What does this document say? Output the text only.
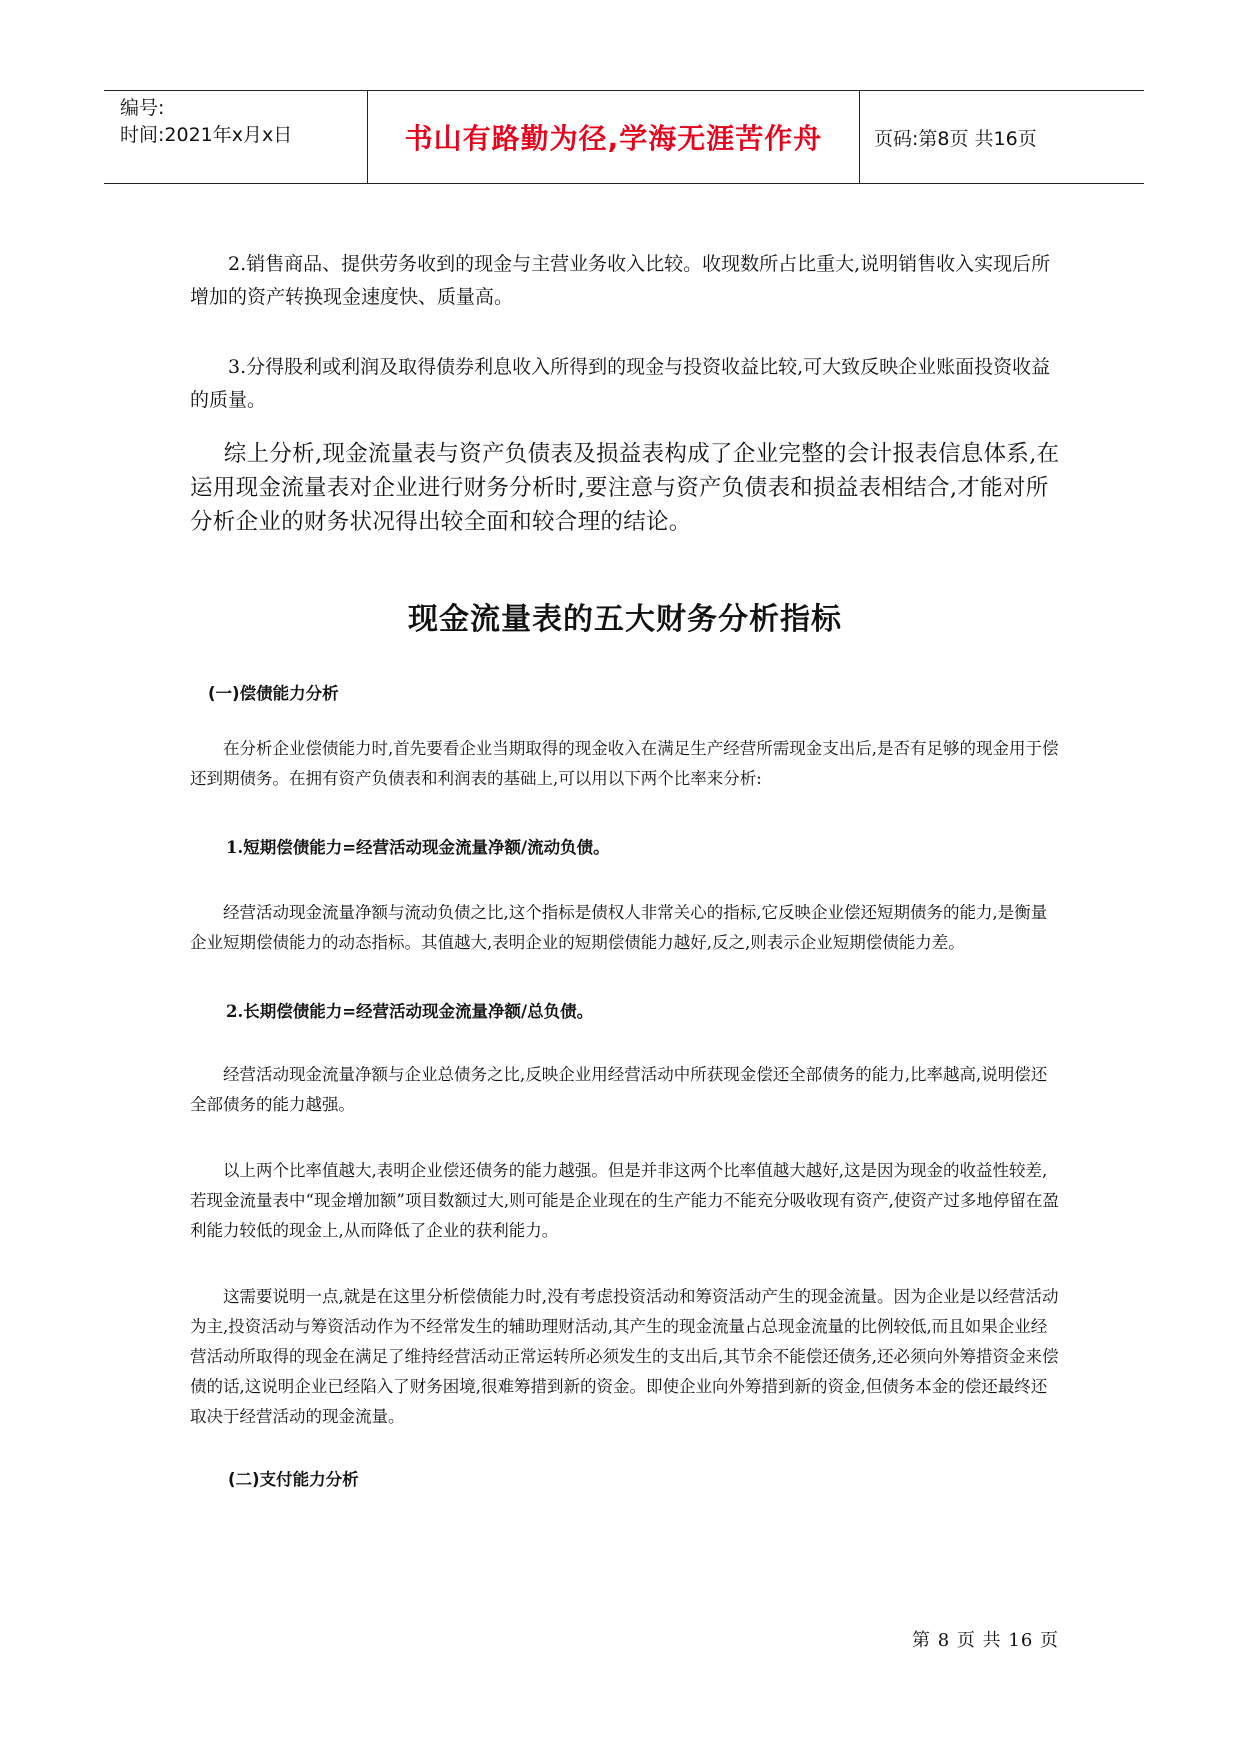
编号:
时间:2021年x月x日	书山有路勤为径,学海无涯苦作舟	页码:第8页 共16页

2.销售商品、提供劳务收到的现金与主营业务收入比较。收现数所占比重大,说明销售收入实现后所增加的资产转换现金速度快、质量高。

3.分得股利或利润及取得债券利息收入所得到的现金与投资收益比较,可大致反映企业账面投资收益的质量。

综上分析,现金流量表与资产负债表及损益表构成了企业完整的会计报表信息体系,在运用现金流量表对企业进行财务分析时,要注意与资产负债表和损益表相结合,才能对所分析企业的财务状况得出较全面和较合理的结论。

现金流量表的五大财务分析指标

(一)偿债能力分析

在分析企业偿债能力时,首先要看企业当期取得的现金收入在满足生产经营所需现金支出后,是否有足够的现金用于偿还到期债务。在拥有资产负债表和利润表的基础上,可以用以下两个比率来分析:

1.短期偿债能力=经营活动现金流量净额/流动负债。

经营活动现金流量净额与流动负债之比,这个指标是债权人非常关心的指标,它反映企业偿还短期债务的能力,是衡量企业短期偿债能力的动态指标。其值越大,表明企业的短期偿债能力越好,反之,则表示企业短期偿债能力差。

2.长期偿债能力=经营活动现金流量净额/总负债。

经营活动现金流量净额与企业总债务之比,反映企业用经营活动中所获现金偿还全部债务的能力,比率越高,说明偿还全部债务的能力越强。

以上两个比率值越大,表明企业偿还债务的能力越强。但是并非这两个比率值越大越好,这是因为现金的收益性较差,若现金流量表中“现金增加额”项目数额过大,则可能是企业现在的生产能力不能充分吸收现有资产,使资产过多地停留在盈利能力较低的现金上,从而降低了企业的获利能力。

这需要说明一点,就是在这里分析偿债能力时,没有考虑投资活动和筹资活动产生的现金流量。因为企业是以经营活动为主,投资活动与筹资活动作为不经常发生的辅助理财活动,其产生的现金流量占总现金流量的比例较低,而且如果企业经营活动所取得的现金在满足了维持经营活动正常运转所必须发生的支出后,其节余不能偿还债务,还必须向外筹措资金来偿债的话,这说明企业已经陷入了财务困境,很难筹措到新的资金。即使企业向外筹措到新的资金,但债务本金的偿还最终还取决于经营活动的现金流量。

(二)支付能力分析

第 8 页 共 16 页
